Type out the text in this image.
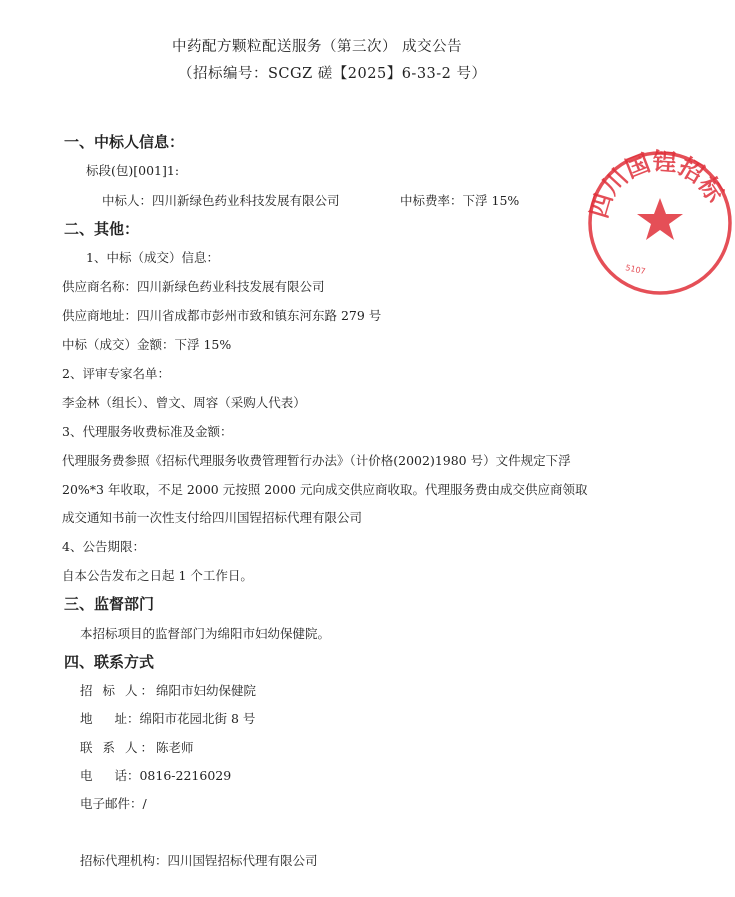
中药配方颗粒配送服务（第三次） 成交公告
（招标编号：SCGZ 磋【2025】6-33-2 号）
一、中标人信息：
标段(包)[001]1:
中标人：四川新绿色药业科技发展有限公司	中标费率：下浮 15%
二、其他：
1、中标（成交）信息：
供应商名称：四川新绿色药业科技发展有限公司
供应商地址：四川省成都市彭州市致和镇东河东路 279 号
中标（成交）金额：下浮 15%
2、评审专家名单：
李金林（组长）、曾文、周容（采购人代表）
3、代理服务收费标准及金额：
代理服务费参照《招标代理服务收费管理暂行办法》（计价格(2002)1980 号）文件规定下浮
20%*3 年收取，不足 2000 元按照 2000 元向成交供应商收取。代理服务费由成交供应商领取
成交通知书前一次性支付给四川国锃招标代理有限公司
4、公告期限：
自本公告发布之日起 1 个工作日。
三、监督部门
本招标项目的监督部门为绵阳市妇幼保健院。
四、联系方式
招 标 人：绵阳市妇幼保健院
地 址：绵阳市花园北街 8 号
联 系 人：陈老师
电 话：0816-2216029
电子邮件：/
招标代理机构：四川国锃招标代理有限公司
四川国锃招标
5107
